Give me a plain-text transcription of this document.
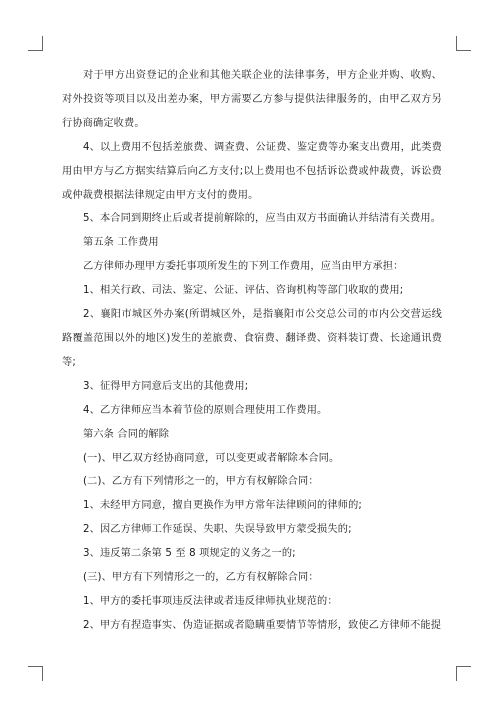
对于甲方出资登记的企业和其他关联企业的法律事务，甲方企业并购、收购、对外投资等项目以及出差办案，甲方需要乙方参与提供法律服务的，由甲乙双方另行协商确定收费。

4、以上费用不包括差旅费、调查费、公证费、鉴定费等办案支出费用，此类费用由甲方与乙方据实结算后向乙方支付;以上费用也不包括诉讼费或仲裁费，诉讼费或仲裁费根据法律规定由甲方支付的费用。

5、本合同到期终止后或者提前解除的，应当由双方书面确认并结清有关费用。

第五条 工作费用

乙方律师办理甲方委托事项所发生的下列工作费用，应当由甲方承担：

1、相关行政、司法、鉴定、公证、评估、咨询机构等部门收取的费用;

2、襄阳市城区外办案(所谓城区外，是指襄阳市公交总公司的市内公交营运线路覆盖范围以外的地区)发生的差旅费、食宿费、翻译费、资料装订费、长途通讯费等;

3、征得甲方同意后支出的其他费用;

4、乙方律师应当本着节俭的原则合理使用工作费用。

第六条 合同的解除

(一)、甲乙双方经协商同意，可以变更或者解除本合同。

(二)、乙方有下列情形之一的，甲方有权解除合同：

1、未经甲方同意，擅自更换作为甲方常年法律顾问的律师的;

2、因乙方律师工作延误、失职、失误导致甲方蒙受损失的;

3、违反第二条第 5 至 8 项规定的义务之一的;

(三)、甲方有下列情形之一的，乙方有权解除合同：

1、甲方的委托事项违反法律或者违反律师执业规范的：

2、甲方有捏造事实、伪造证据或者隐瞒重要情节等情形，致使乙方律师不能提
